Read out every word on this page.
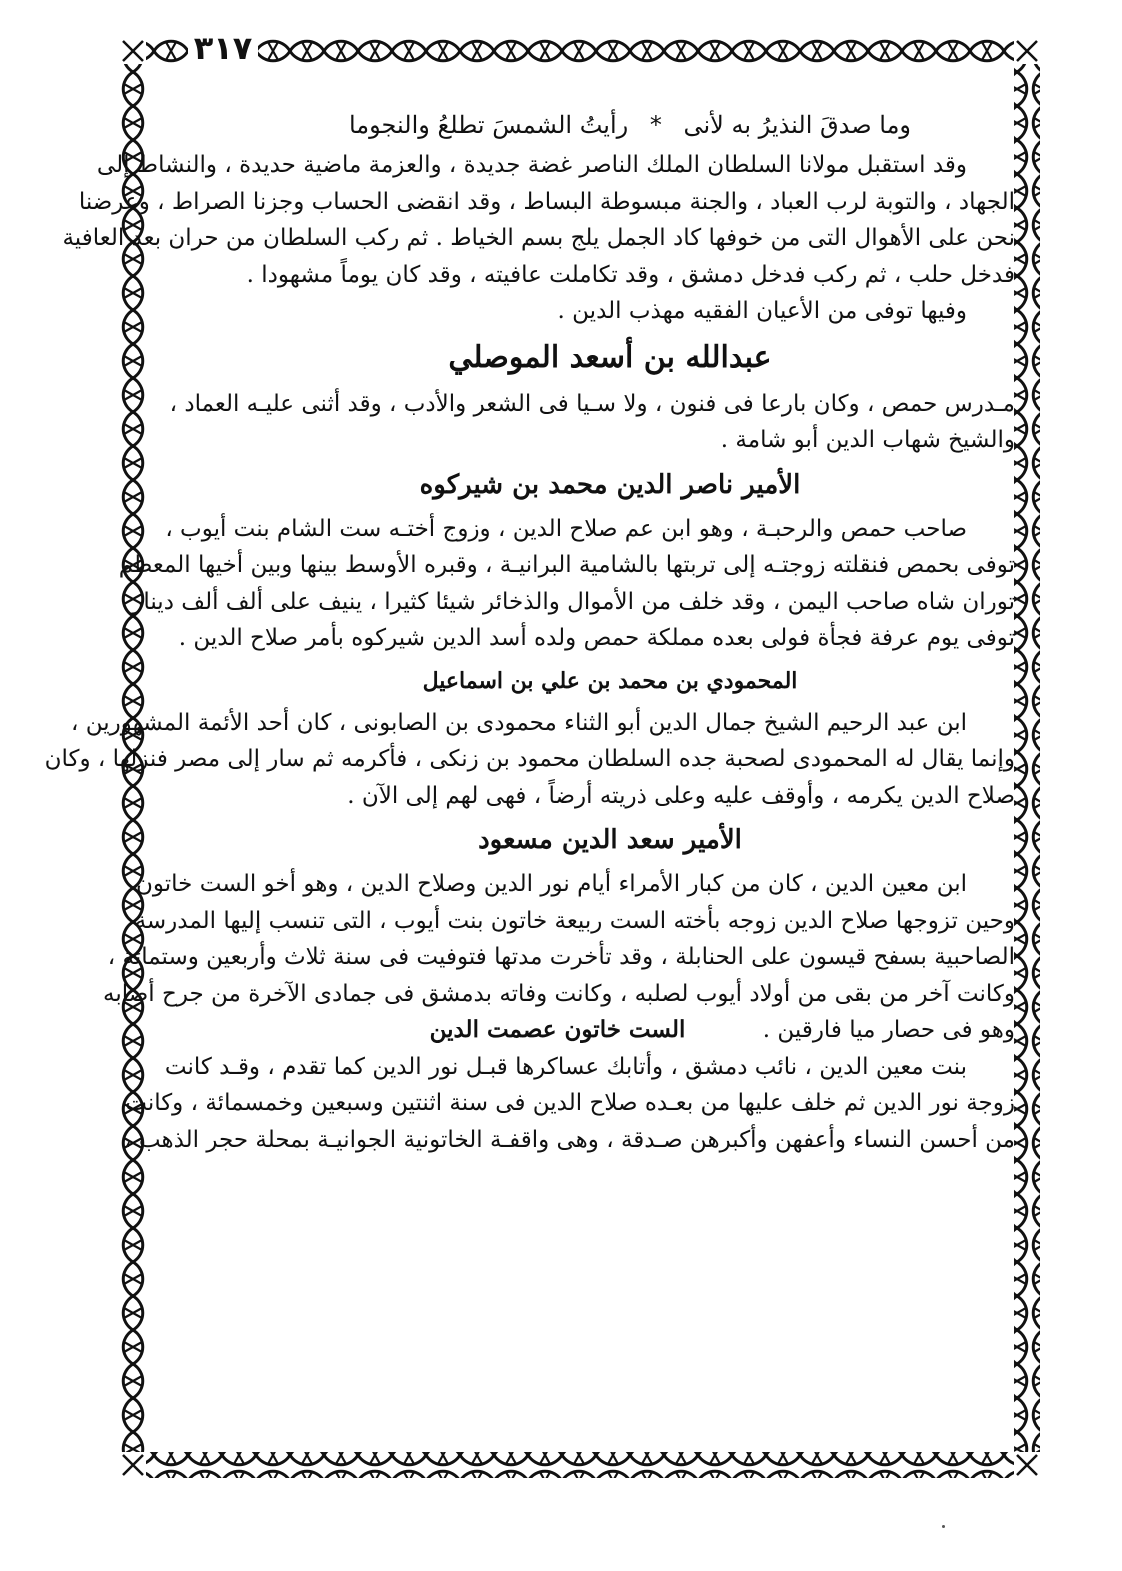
٣١٧
وما صدقَ النذيرُ به لأنى * رأيتُ الشمسَ تطلعُ والنجوما

وقد استقبل مولانا السلطان الملك الناصر غضة جديدة ، والعزمة ماضية حديدة ، والنشاط إلى

الجهاد ، والتوبة لرب العباد ، والجنة مبسوطة البساط ، وقد انقضى الحساب وجزنا الصراط ، وعرضنا

نحن على الأهوال التى من خوفها كاد الجمل يلج بسم الخياط . ثم ركب السلطان من حران بعد العافية

فدخل حلب ، ثم ركب فدخل دمشق ، وقد تكاملت عافيته ، وقد كان يوماً مشهودا .

وفيها توفى من الأعيان الفقيه مهذب الدين .

عبدالله بن أسعد الموصلي

مـدرس حمص ، وكان بارعا فى فنون ، ولا سـيا فى الشعر والأدب ، وقد أثنى عليـه العماد ،

والشيخ شهاب الدين أبو شامة .

الأمير ناصر الدين محمد بن شيركوه

صاحب حمص والرحبـة ، وهو ابن عم صلاح الدين ، وزوج أختـه ست الشام بنت أيوب ،

توفى بحمص فنقلته زوجتـه إلى تربتها بالشامية البرانيـة ، وقبره الأوسط بينها وبين أخيها المعظم

توران شاه صاحب اليمن ، وقد خلف من الأموال والذخائر شيئا كثيرا ، ينيف على ألف ألف دينار

توفى يوم عرفة فجأة فولى بعده مملكة حمص ولده أسد الدين شيركوه بأمر صلاح الدين .

المحمودي بن محمد بن علي بن اسماعيل

ابن عبد الرحيم الشيخ جمال الدين أبو الثناء محمودى بن الصابونى ، كان أحد الأئمة المشهورين ،

وإنما يقال له المحمودى لصحبة جده السلطان محمود بن زنكى ، فأكرمه ثم سار إلى مصر فنزلها ، وكان

صلاح الدين يكرمه ، وأوقف عليه وعلى ذريته أرضاً ، فهى لهم إلى الآن .

الأمير سعد الدين مسعود

ابن معين الدين ، كان من كبار الأمراء أيام نور الدين وصلاح الدين ، وهو أخو الست خاتون

وحين تزوجها صلاح الدين زوجه بأخته الست ربيعة خاتون بنت أيوب ، التى تنسب إليها المدرسة

الصاحبية بسفح قيسون على الحنابلة ، وقد تأخرت مدتها فتوفيت فى سنة ثلاث وأربعين وستمائة ،

وكانت آخر من بقى من أولاد أيوب لصلبه ، وكانت وفاته بدمشق فى جمادى الآخرة من جرح أصابه

وهو فى حصار ميا فارقين . الست خاتون عصمت الدين

بنت معين الدين ، نائب دمشق ، وأتابك عساكرها قبـل نور الدين كما تقدم ، وقـد كانت

زوجة نور الدين ثم خلف عليها من بعـده صلاح الدين فى سنة اثنتين وسبعين وخمسمائة ، وكانت

من أحسن النساء وأعفهن وأكبرهن صـدقة ، وهى واقفـة الخاتونية الجوانيـة بمحلة حجر الذهب ،
